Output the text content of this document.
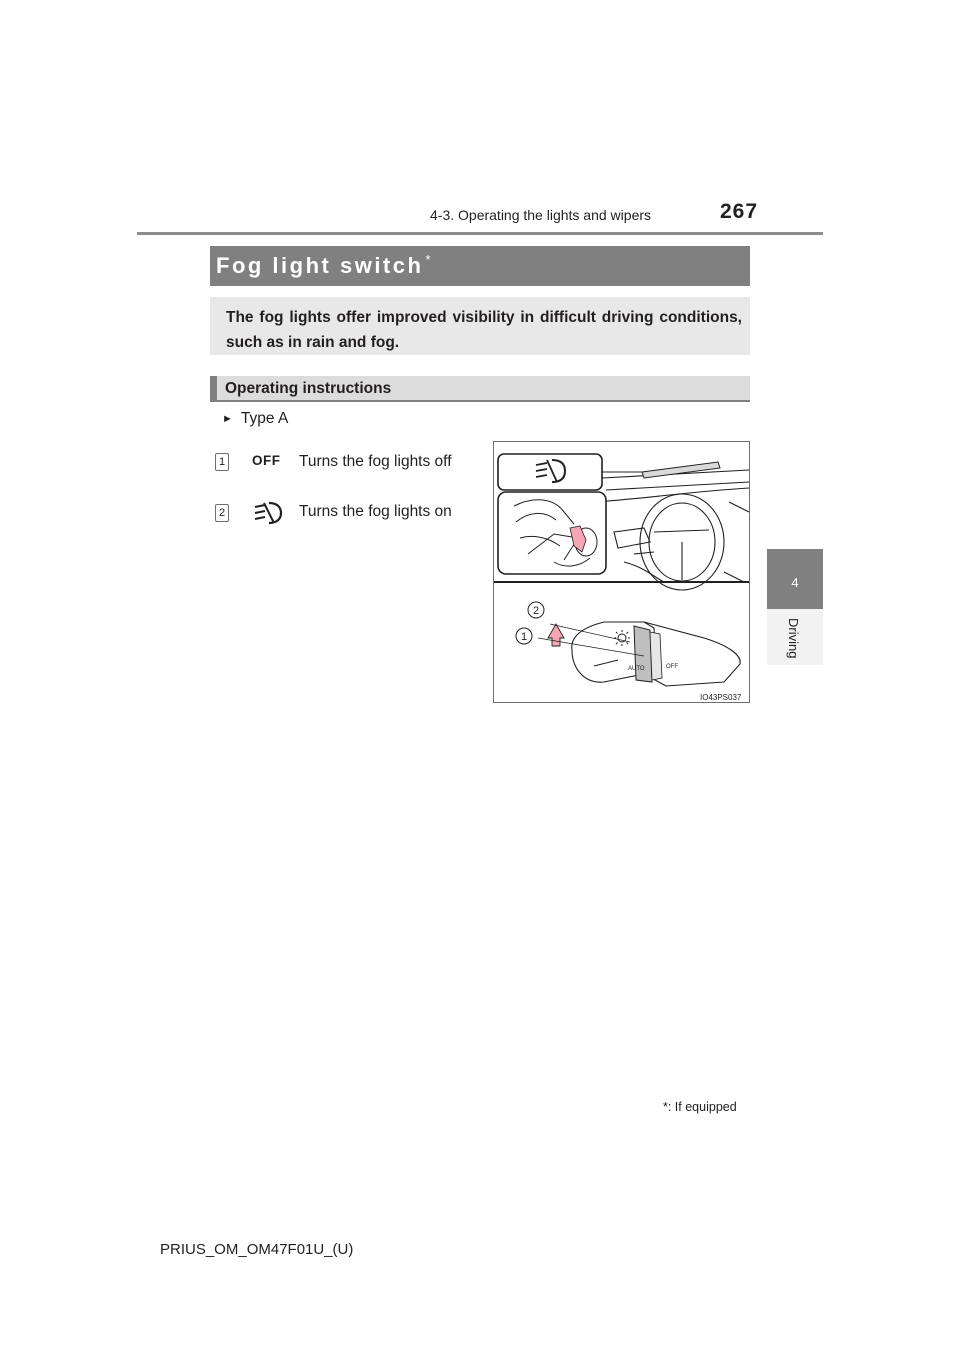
4-3. Operating the lights and wipers	267
4
Driving
Fog light switch *
The fog lights offer improved visibility in difficult driving conditions, such as in rain and fog.
Operating instructions
► Type A
1 OFF Turns the fog lights off
2	Turns the fog lights on
AUTO	OFF
2
1
IO43PS037
*: If equipped
PRIUS_OM_OM47F01U_(U)
